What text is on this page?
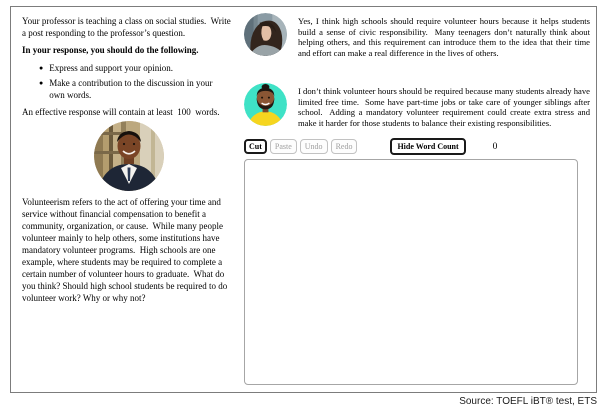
Your professor is teaching a class on social studies.  Write a post responding to the professor’s question.

In your response, you should do the following.

● Express and support your opinion.
● Make a contribution to the discussion in your own words.

An effective response will contain at least  100  words.

Volunteerism refers to the act of offering your time and service without financial compensation to benefit a community, organization, or cause.  While many people volunteer mainly to help others, some institutions have mandatory volunteer programs.  High schools are one example, where students may be required to complete a certain number of volunteer hours to graduate.  What do you think? Should high school students be required to do volunteer work? Why or why not?

Yes, I think high schools should require volunteer hours because it helps students build a sense of civic responsibility.  Many teenagers don’t naturally think about helping others, and this requirement can introduce them to the idea that their time and effort can make a real difference in the lives of others.

I don’t think volunteer hours should be required because many students already have limited free time.  Some have part-time jobs or take care of younger siblings after school.  Adding a mandatory volunteer requirement could create extra stress and make it harder for those students to balance their existing responsibilities.

Cut	Paste	Undo	Redo	Hide Word Count	0
Source: TOEFL iBT® test, ETS
